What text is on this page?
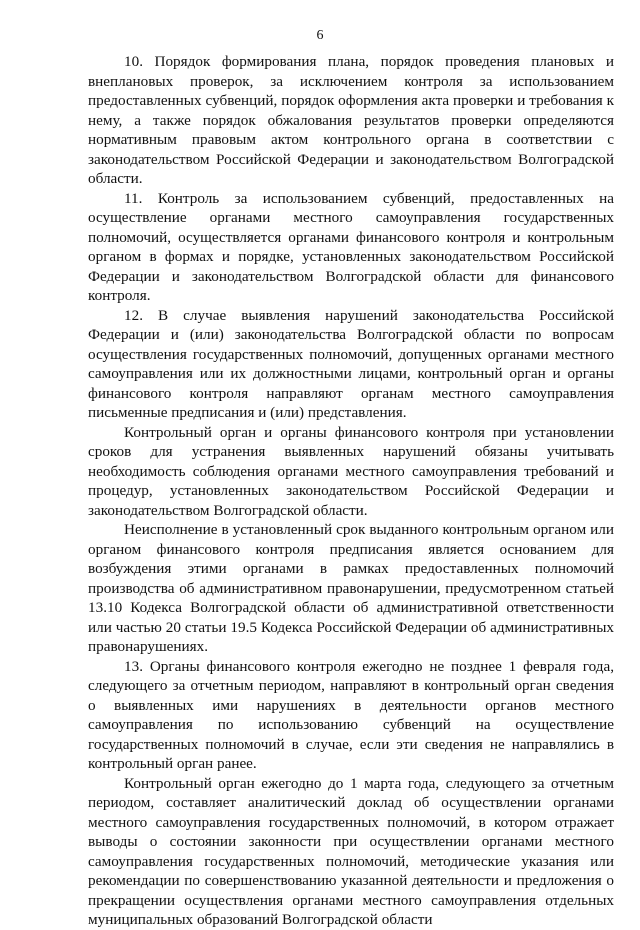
6

10. Порядок формирования плана, порядок проведения плановых и внеплановых проверок, за исключением контроля за использованием предоставленных субвенций, порядок оформления акта проверки и требования к нему, а также порядок обжалования результатов проверки определяются нормативным правовым актом контрольного органа в соответствии с законодательством Российской Федерации и законодательством Волгоградской области.

11. Контроль за использованием субвенций, предоставленных на осуществление органами местного самоуправления государственных полномочий, осуществляется органами финансового контроля и контрольным органом в формах и порядке, установленных законодательством Российской Федерации и законодательством Волгоградской области для финансового контроля.

12. В случае выявления нарушений законодательства Российской Федерации и (или) законодательства Волгоградской области по вопросам осуществления государственных полномочий, допущенных органами местного самоуправления или их должностными лицами, контрольный орган и органы финансового контроля направляют органам местного самоуправления письменные предписания и (или) представления.

Контрольный орган и органы финансового контроля при установлении сроков для устранения выявленных нарушений обязаны учитывать необходимость соблюдения органами местного самоуправления требований и процедур, установленных законодательством Российской Федерации и законодательством Волгоградской области.

Неисполнение в установленный срок выданного контрольным органом или органом финансового контроля предписания является основанием для возбуждения этими органами в рамках предоставленных полномочий производства об административном правонарушении, предусмотренном статьей 13.10 Кодекса Волгоградской области об административной ответственности или частью 20 статьи 19.5 Кодекса Российской Федерации об административных правонарушениях.

13. Органы финансового контроля ежегодно не позднее 1 февраля года, следующего за отчетным периодом, направляют в контрольный орган сведения о выявленных ими нарушениях в деятельности органов местного самоуправления по использованию субвенций на осуществление государственных полномочий в случае, если эти сведения не направлялись в контрольный орган ранее.

Контрольный орган ежегодно до 1 марта года, следующего за отчетным периодом, составляет аналитический доклад об осуществлении органами местного самоуправления государственных полномочий, в котором отражает выводы о состоянии законности при осуществлении органами местного самоуправления государственных полномочий, методические указания или рекомендации по совершенствованию указанной деятельности и предложения о прекращении осуществления органами местного самоуправления отдельных муниципальных образований Волгоградской области
